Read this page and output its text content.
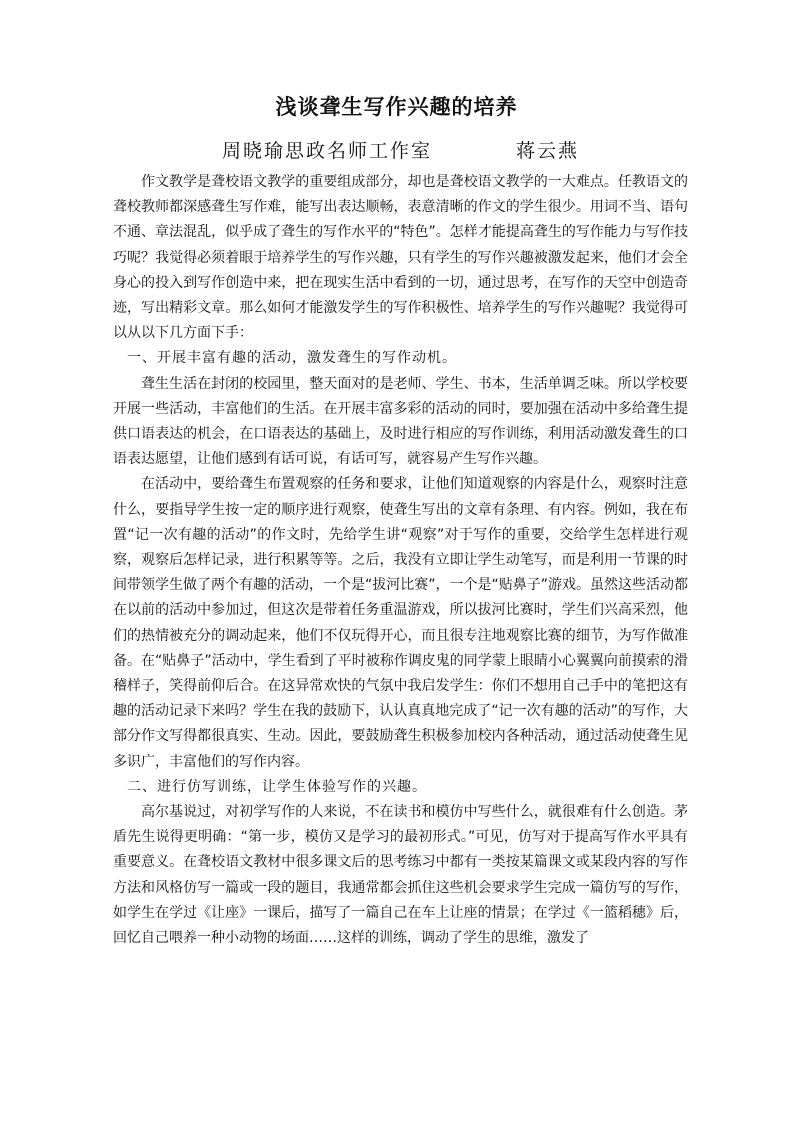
浅谈聋生写作兴趣的培养
周晓瑜思政名师工作室	蒋云燕

作文教学是聋校语文教学的重要组成部分，却也是聋校语文教学的一大难点。任教语文的聋校教师都深感聋生写作难，能写出表达顺畅，表意清晰的作文的学生很少。用词不当、语句不通、章法混乱，似乎成了聋生的写作水平的“特色”。怎样才能提高聋生的写作能力与写作技巧呢？我觉得必须着眼于培养学生的写作兴趣，只有学生的写作兴趣被激发起来，他们才会全身心的投入到写作创造中来，把在现实生活中看到的一切，通过思考，在写作的天空中创造奇迹，写出精彩文章。那么如何才能激发学生的写作积极性、培养学生的写作兴趣呢？我觉得可以从以下几方面下手：

一、开展丰富有趣的活动，激发聋生的写作动机。

聋生生活在封闭的校园里，整天面对的是老师、学生、书本，生活单调乏味。所以学校要开展一些活动，丰富他们的生活。在开展丰富多彩的活动的同时，要加强在活动中多给聋生提供口语表达的机会，在口语表达的基础上，及时进行相应的写作训练，利用活动激发聋生的口语表达愿望，让他们感到有话可说，有话可写，就容易产生写作兴趣。

在活动中，要给聋生布置观察的任务和要求，让他们知道观察的内容是什么，观察时注意什么，要指导学生按一定的顺序进行观察，使聋生写出的文章有条理、有内容。例如，我在布置“记一次有趣的活动”的作文时，先给学生讲“观察”对于写作的重要，交给学生怎样进行观察，观察后怎样记录，进行积累等等。之后，我没有立即让学生动笔写，而是利用一节课的时间带领学生做了两个有趣的活动，一个是“拔河比赛”，一个是“贴鼻子”游戏。虽然这些活动都在以前的活动中参加过，但这次是带着任务重温游戏，所以拔河比赛时，学生们兴高采烈，他们的热情被充分的调动起来，他们不仅玩得开心，而且很专注地观察比赛的细节，为写作做准备。在“贴鼻子”活动中，学生看到了平时被称作调皮鬼的同学蒙上眼睛小心翼翼向前摸索的滑稽样子，笑得前仰后合。在这异常欢快的气氛中我启发学生：你们不想用自己手中的笔把这有趣的活动记录下来吗？学生在我的鼓励下，认认真真地完成了“记一次有趣的活动”的写作，大部分作文写得都很真实、生动。因此，要鼓励聋生积极参加校内各种活动，通过活动使聋生见多识广，丰富他们的写作内容。

二、进行仿写训练，让学生体验写作的兴趣。

高尔基说过，对初学写作的人来说，不在读书和模仿中写些什么，就很难有什么创造。茅盾先生说得更明确：“第一步，模仿又是学习的最初形式。”可见，仿写对于提高写作水平具有重要意义。在聋校语文教材中很多课文后的思考练习中都有一类按某篇课文或某段内容的写作方法和风格仿写一篇或一段的题目，我通常都会抓住这些机会要求学生完成一篇仿写的写作，如学生在学过《让座》一课后，描写了一篇自己在车上让座的情景；在学过《一篮稻穗》后，回忆自己喂养一种小动物的场面……这样的训练，调动了学生的思维，激发了
